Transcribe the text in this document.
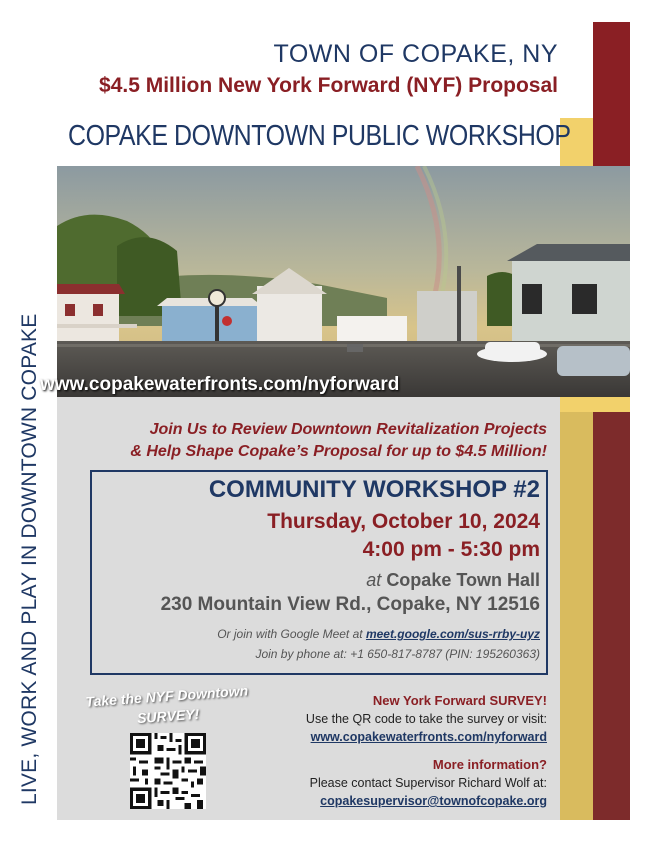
TOWN OF COPAKE, NY
$4.5 Million New York Forward (NYF) Proposal
COPAKE DOWNTOWN PUBLIC WORKSHOP
www.copakewaterfronts.com/nyforward
LIVE, WORK AND PLAY IN DOWNTOWN COPAKE	Join Us to Review Downtown Revitalization Projects
& Help Shape Copake’s Proposal for up to $4.5 Million!
COMMUNITY WORKSHOP #2
Thursday, October 10, 2024
4:00 pm - 5:30 pm
at Copake Town Hall
230 Mountain View Rd., Copake, NY 12516
Or join with Google Meet at meet.google.com/sus-rrby-uyz
Join by phone at: +1 650-817-8787 (PIN: 195260363)
Take the NYF Downtown SURVEY!
New York Forward SURVEY!
Use the QR code to take the survey or visit:
www.copakewaterfronts.com/nyforward
More information?
Please contact Supervisor Richard Wolf at:
copakesupervisor@townofcopake.org
